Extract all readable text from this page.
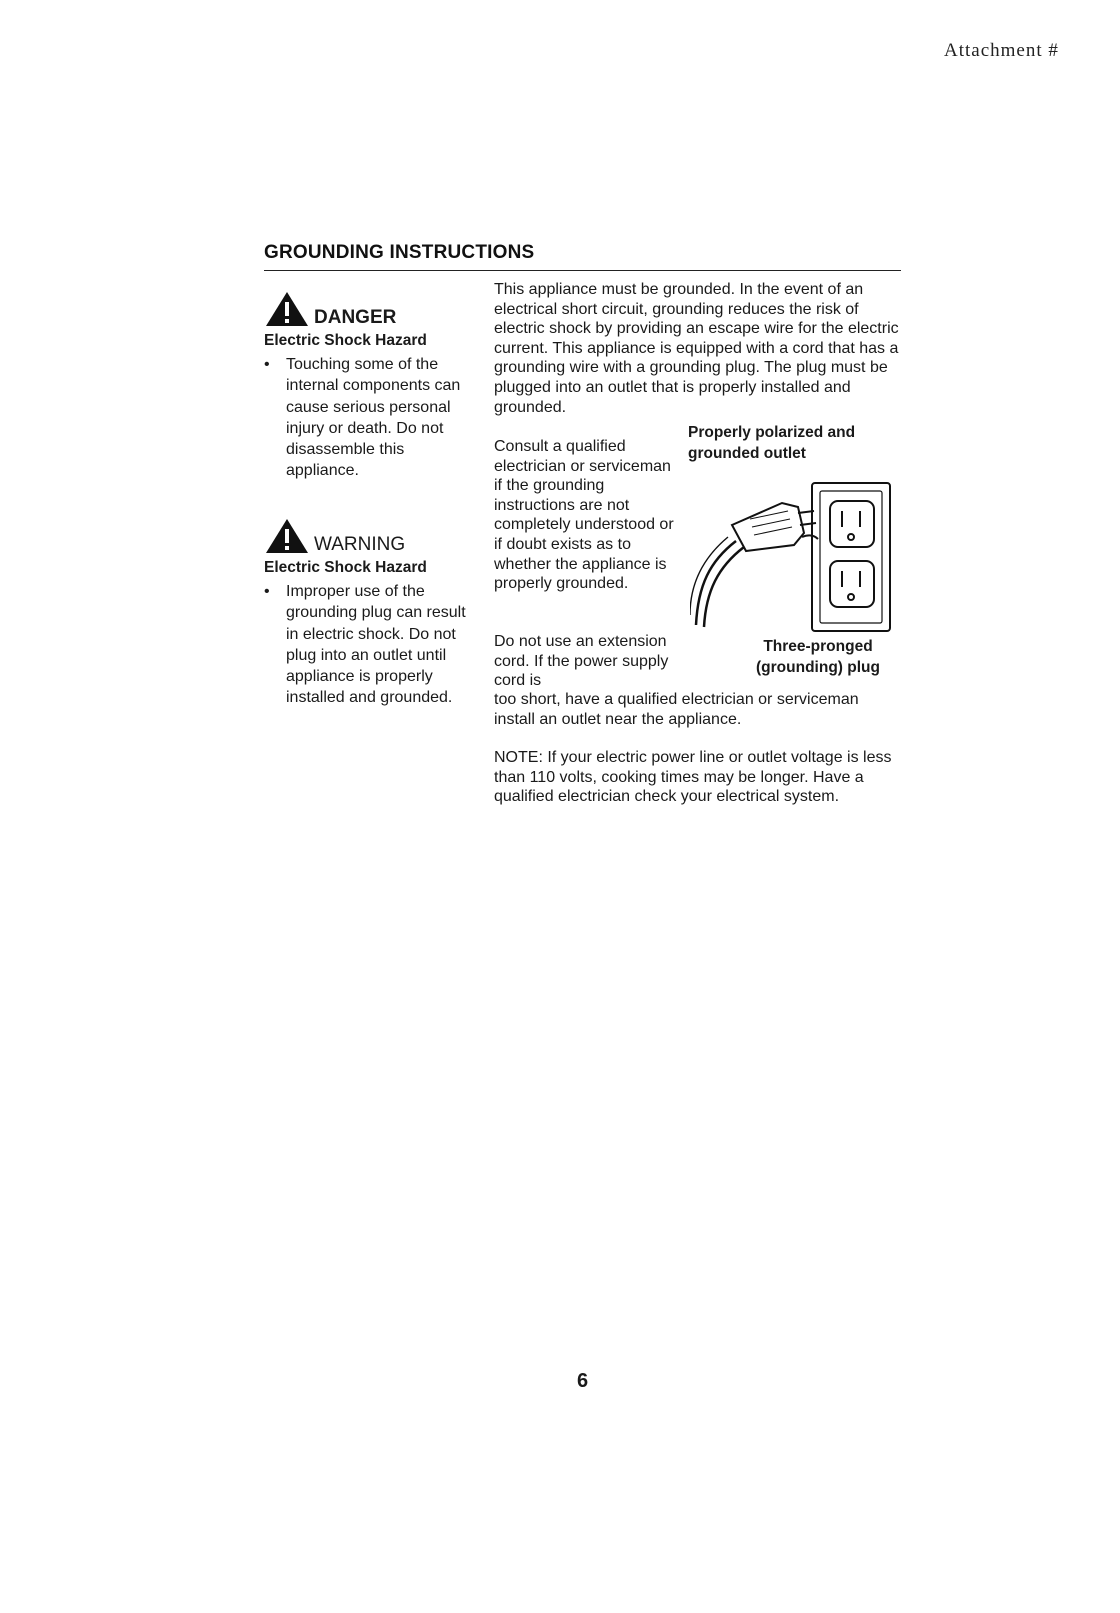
Attachment #
GROUNDING INSTRUCTIONS
DANGER
Electric Shock Hazard
•	Touching some of the internal components can cause serious personal injury or death. Do not disassemble this appliance.
WARNING
Electric Shock Hazard
•	Improper use of the grounding plug can result in electric shock. Do not plug into an outlet until appliance is properly installed and grounded.
This appliance must be grounded. In the event of an electrical short circuit, grounding reduces the risk of electric shock by providing an escape wire for the electric current. This appliance is equipped with a cord that has a grounding wire with a grounding plug. The plug must be plugged into an outlet that is properly installed and grounded.
Consult a qualified electrician or serviceman if the grounding instructions are not completely understood or if doubt exists as to whether the appliance is properly grounded.
Properly polarized and grounded outlet
Do not use an extension cord. If the power supply cord is
Three-pronged (grounding) plug
too short, have a qualified electrician or serviceman install an outlet near the appliance.
NOTE: If your electric power line or outlet voltage is less than 110 volts, cooking times may be longer. Have a qualified electrician check your electrical system.
6
